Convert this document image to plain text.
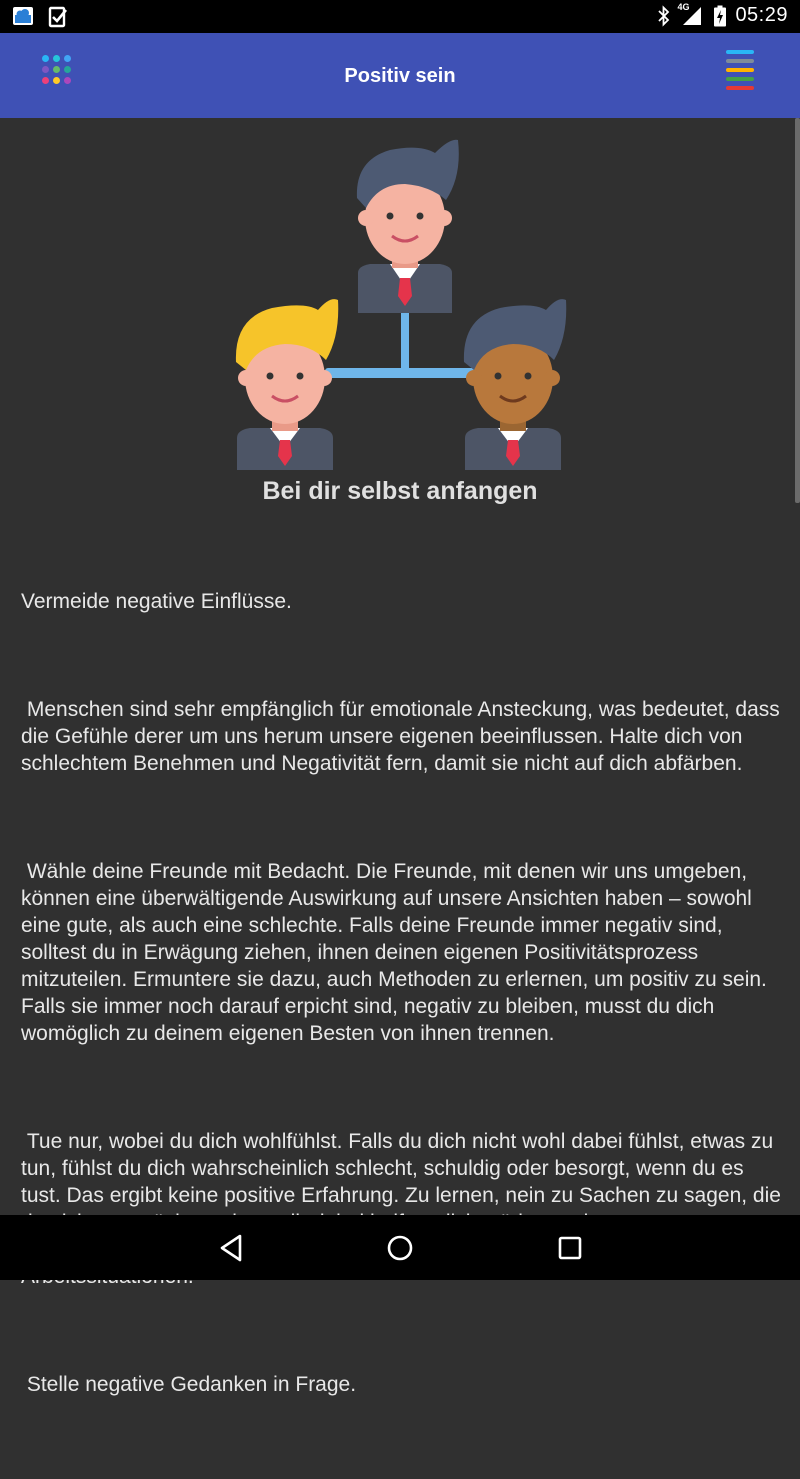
4G 05:29
Positiv sein
Bei dir selbst anfangen

Vermeide negative Einflüsse.

Menschen sind sehr empfänglich für emotionale Ansteckung, was bedeutet, dass die Gefühle derer um uns herum unsere eigenen beeinflussen. Halte dich von schlechtem Benehmen und Negativität fern, damit sie nicht auf dich abfärben.

Wähle deine Freunde mit Bedacht. Die Freunde, mit denen wir uns umgeben, können eine überwältigende Auswirkung auf unsere Ansichten haben – sowohl eine gute, als auch eine schlechte. Falls deine Freunde immer negativ sind, solltest du in Erwägung ziehen, ihnen deinen eigenen Positivitätsprozess mitzuteilen. Ermuntere sie dazu, auch Methoden zu erlernen, um positiv zu sein. Falls sie immer noch darauf erpicht sind, negativ zu bleiben, musst du dich womöglich zu deinem eigenen Besten von ihnen trennen.

Tue nur, wobei du dich wohlfühlst. Falls du dich nicht wohl dabei fühlst, etwas zu tun, fühlst du dich wahrscheinlich schlecht, schuldig oder besorgt, wenn du es tust. Das ergibt keine positive Erfahrung. Zu lernen, nein zu Sachen zu sagen, die

Stelle negative Gedanken in Frage.
